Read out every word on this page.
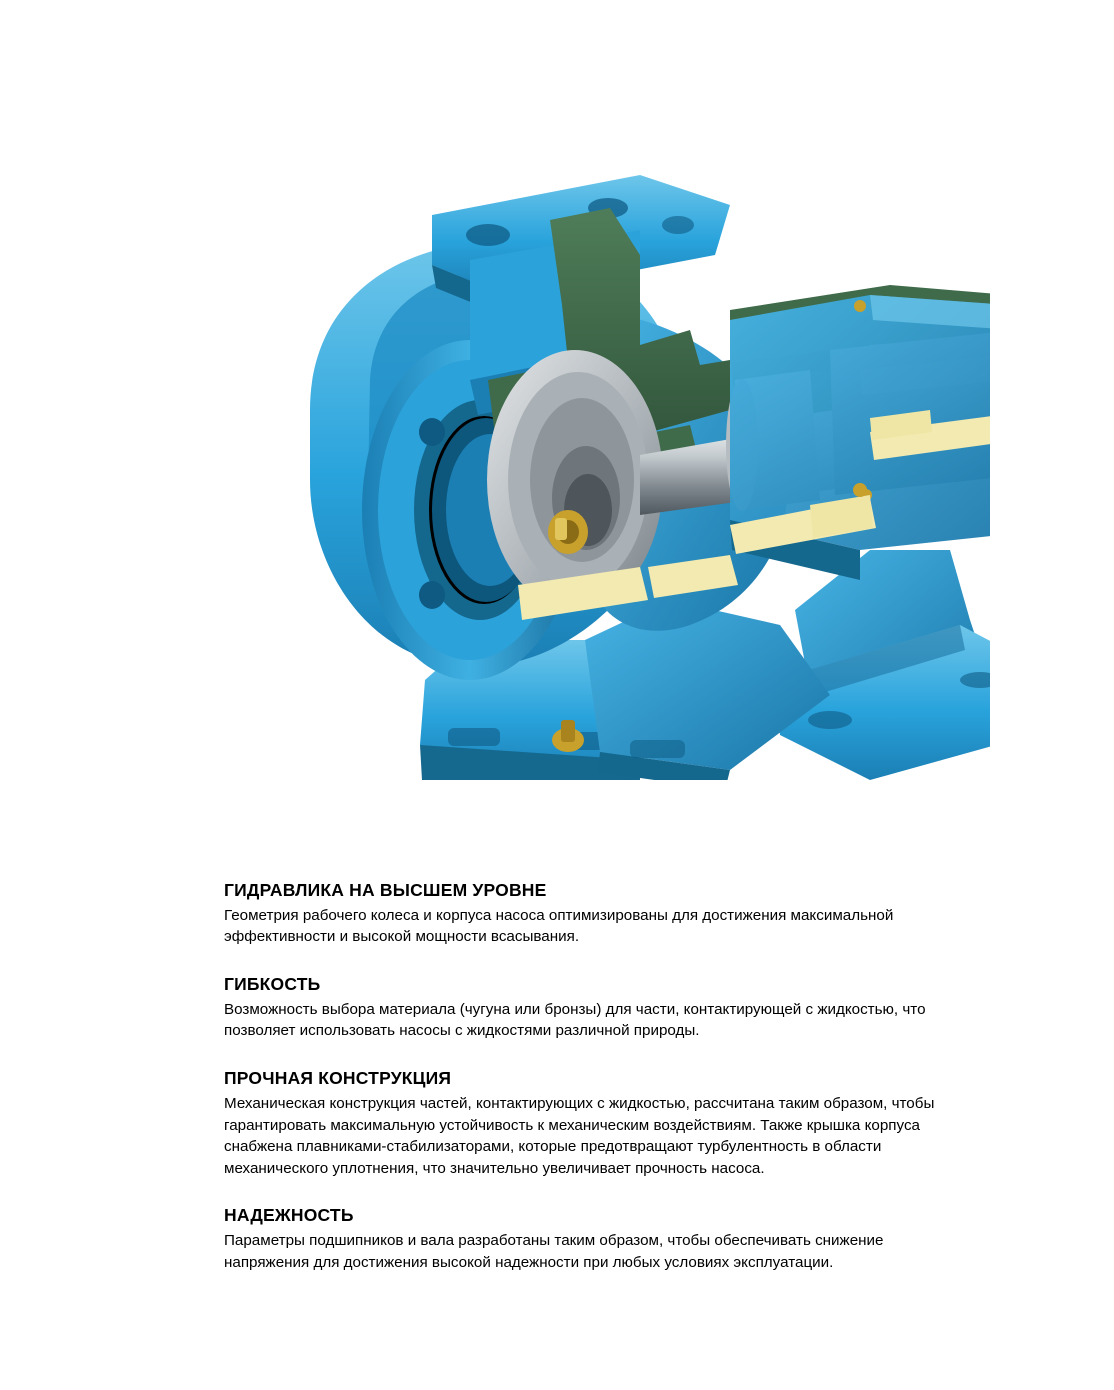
ГИДРАВЛИКА НА ВЫСШЕМ УРОВНЕ

Геометрия рабочего колеса и корпуса насоса оптимизированы для достижения максимальной эффективности и высокой мощности всасывания.

ГИБКОСТЬ

Возможность выбора материала (чугуна или бронзы) для части, контактирующей с жидкостью, что позволяет использовать насосы с жидкостями различной природы.

ПРОЧНАЯ КОНСТРУКЦИЯ

Механическая конструкция частей, контактирующих с жидкостью, рассчитана таким образом, чтобы гарантировать максимальную устойчивость к механическим воздействиям. Также крышка корпуса снабжена плавниками-стабилизаторами, которые предотвращают турбулентность в области механического уплотнения, что значительно увеличивает прочность насоса.

НАДЕЖНОСТЬ

Параметры подшипников и вала разработаны таким образом, чтобы обеспечивать снижение напряжения для достижения высокой надежности при любых условиях эксплуатации.
